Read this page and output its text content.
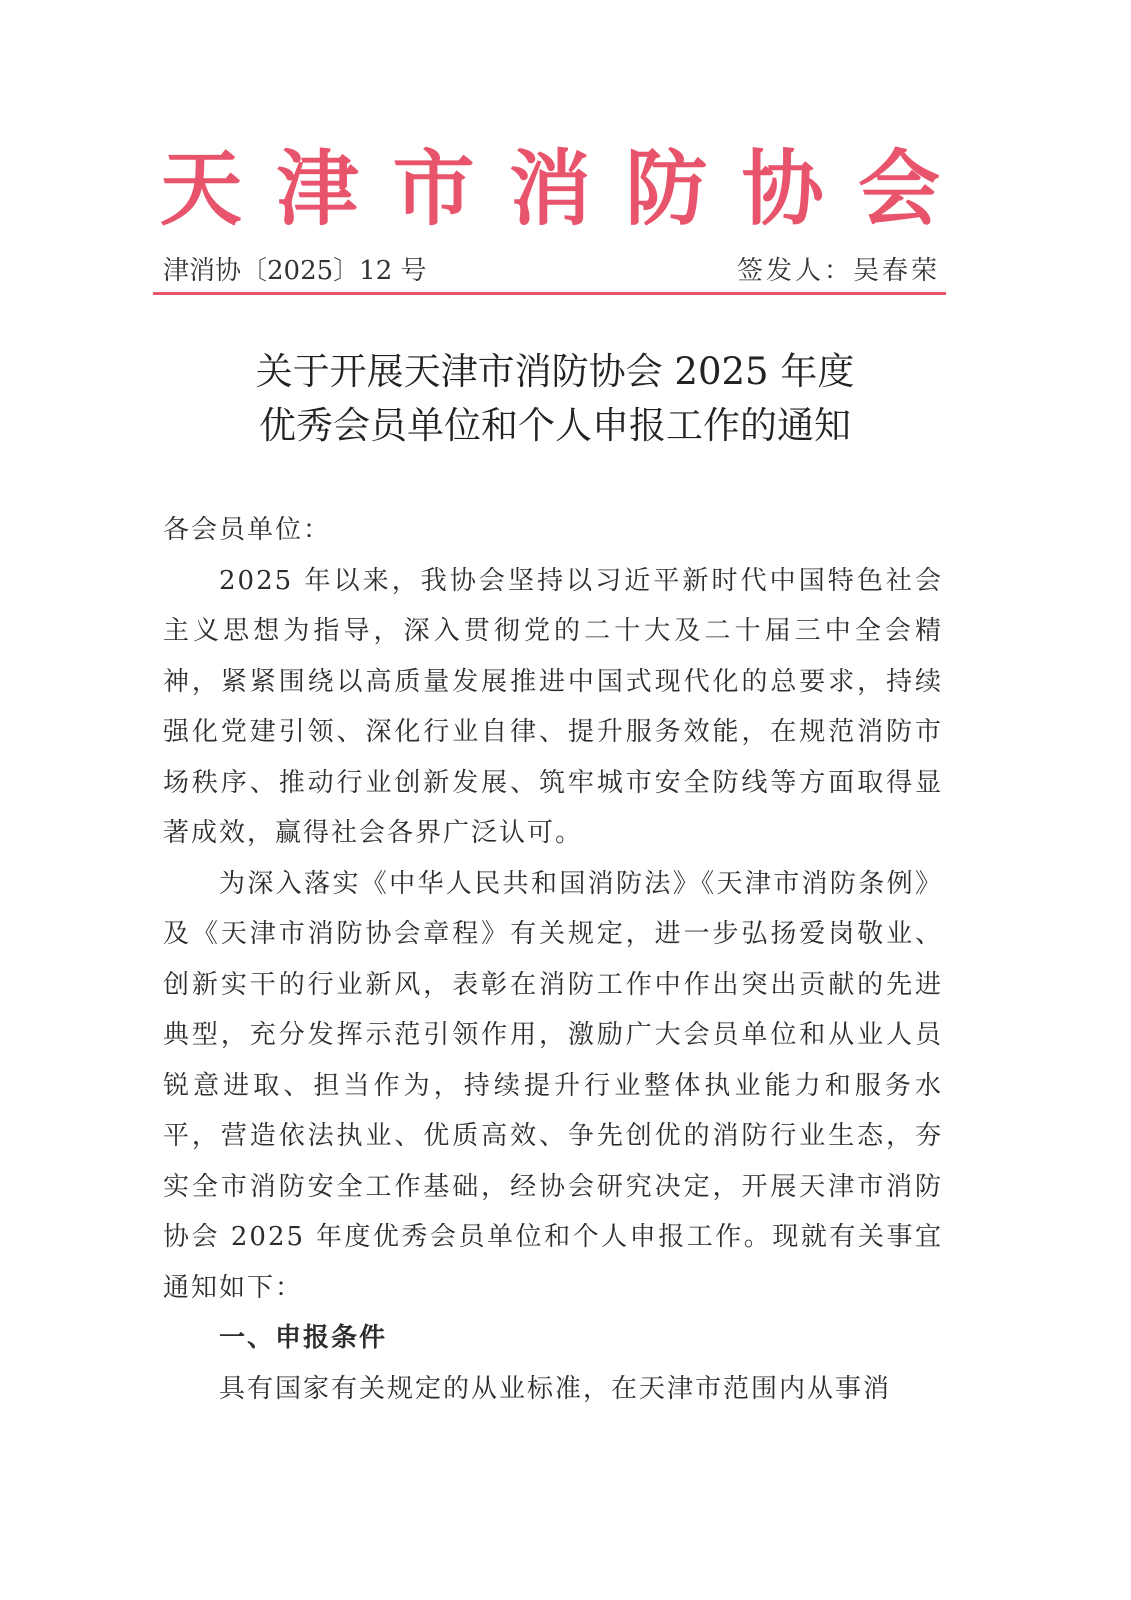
天 津 市 消 防 协 会
津消协〔2025〕12 号	签发人：吴春荣
关于开展天津市消防协会 2025 年度
优秀会员单位和个人申报工作的通知

各会员单位：

2025 年以来，我协会坚持以习近平新时代中国特色社会主义思想为指导，深入贯彻党的二十大及二十届三中全会精神，紧紧围绕以高质量发展推进中国式现代化的总要求，持续强化党建引领、深化行业自律、提升服务效能，在规范消防市场秩序、推动行业创新发展、筑牢城市安全防线等方面取得显著成效，赢得社会各界广泛认可。

为深入落实《中华人民共和国消防法》《天津市消防条例》及《天津市消防协会章程》有关规定，进一步弘扬爱岗敬业、创新实干的行业新风，表彰在消防工作中作出突出贡献的先进典型，充分发挥示范引领作用，激励广大会员单位和从业人员锐意进取、担当作为，持续提升行业整体执业能力和服务水平，营造依法执业、优质高效、争先创优的消防行业生态，夯实全市消防安全工作基础，经协会研究决定，开展天津市消防协会 2025 年度优秀会员单位和个人申报工作。现就有关事宜通知如下：

一、申报条件

具有国家有关规定的从业标准，在天津市范围内从事消
